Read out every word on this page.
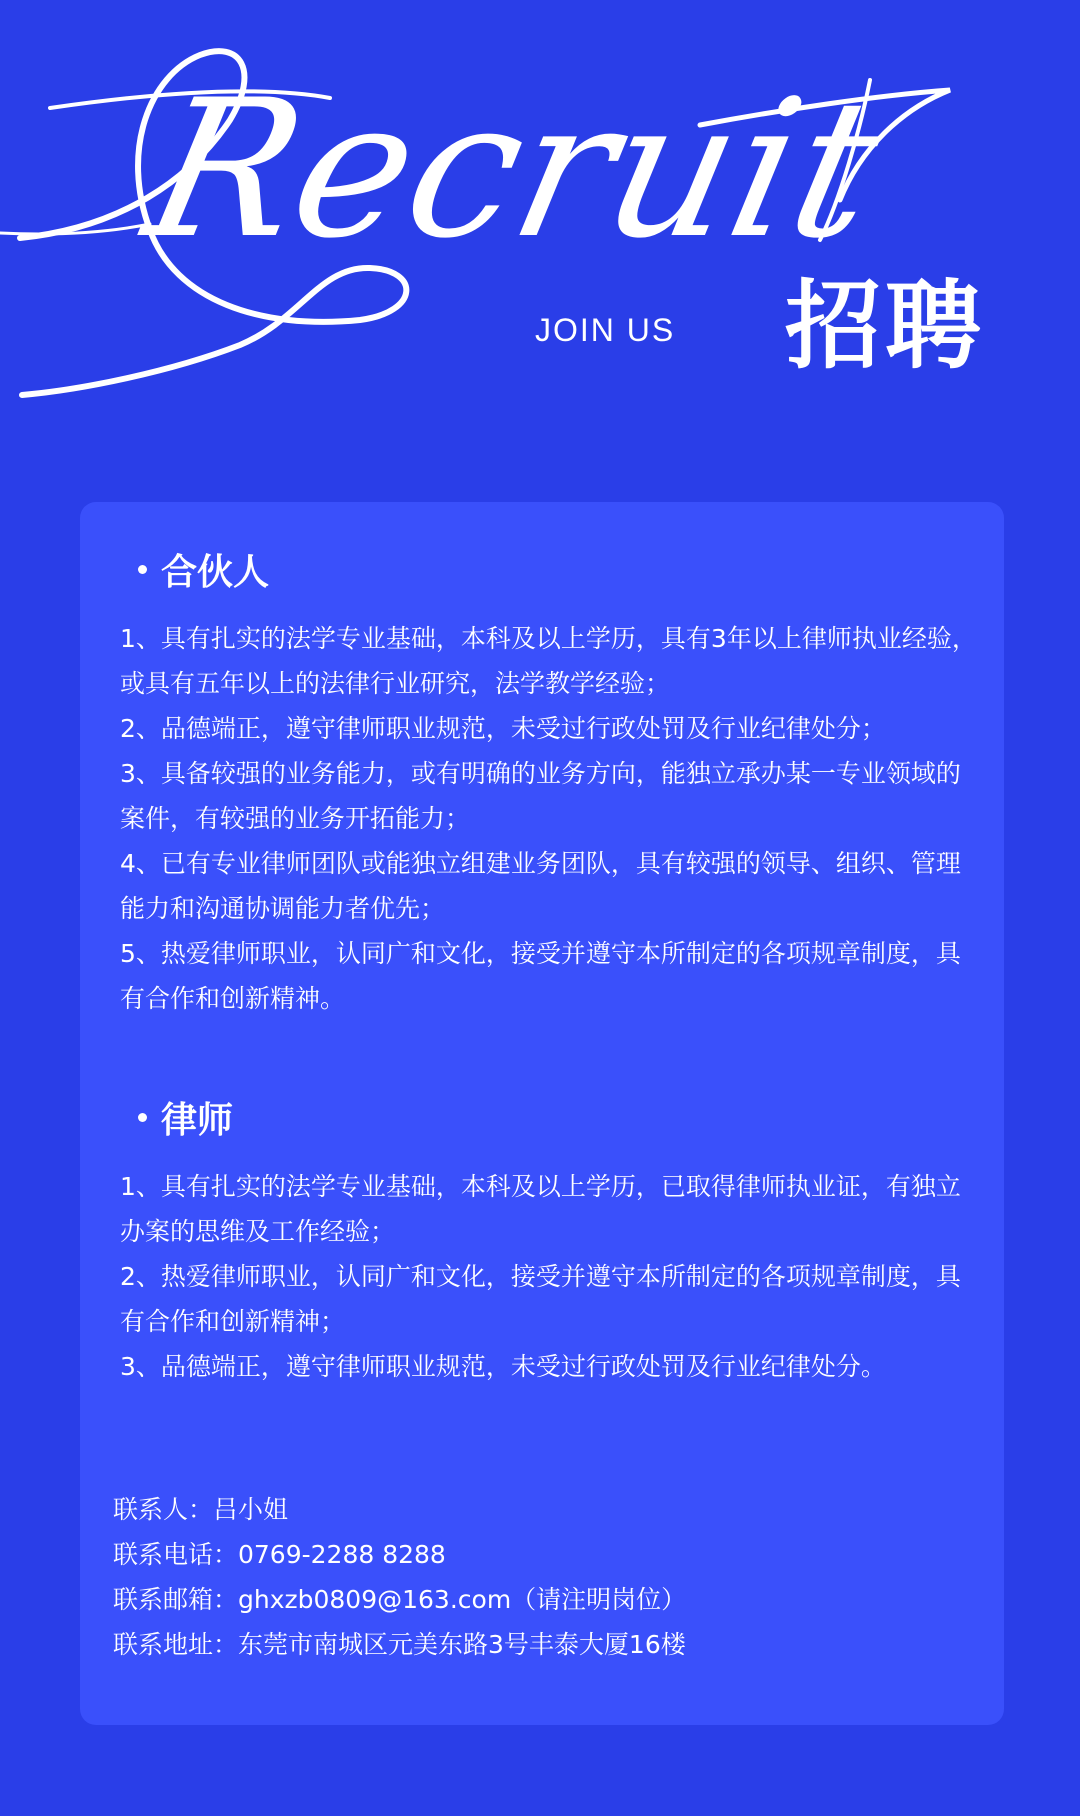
Recruit
JOIN US 招聘
合伙人
1、具有扎实的法学专业基础，本科及以上学历，具有3年以上律师执业经验，或具有五年以上的法律行业研究，法学教学经验；
2、品德端正，遵守律师职业规范，未受过行政处罚及行业纪律处分；
3、具备较强的业务能力，或有明确的业务方向，能独立承办某一专业领域的案件，有较强的业务开拓能力；
4、已有专业律师团队或能独立组建业务团队，具有较强的领导、组织、管理能力和沟通协调能力者优先；
5、热爱律师职业，认同广和文化，接受并遵守本所制定的各项规章制度，具有合作和创新精神。
律师
1、具有扎实的法学专业基础，本科及以上学历，已取得律师执业证，有独立办案的思维及工作经验；
2、热爱律师职业，认同广和文化，接受并遵守本所制定的各项规章制度，具有合作和创新精神；
3、品德端正，遵守律师职业规范，未受过行政处罚及行业纪律处分。
联系人：吕小姐
联系电话：0769-2288 8288
联系邮箱：ghxzb0809@163.com（请注明岗位）
联系地址：东莞市南城区元美东路3号丰泰大厦16楼
